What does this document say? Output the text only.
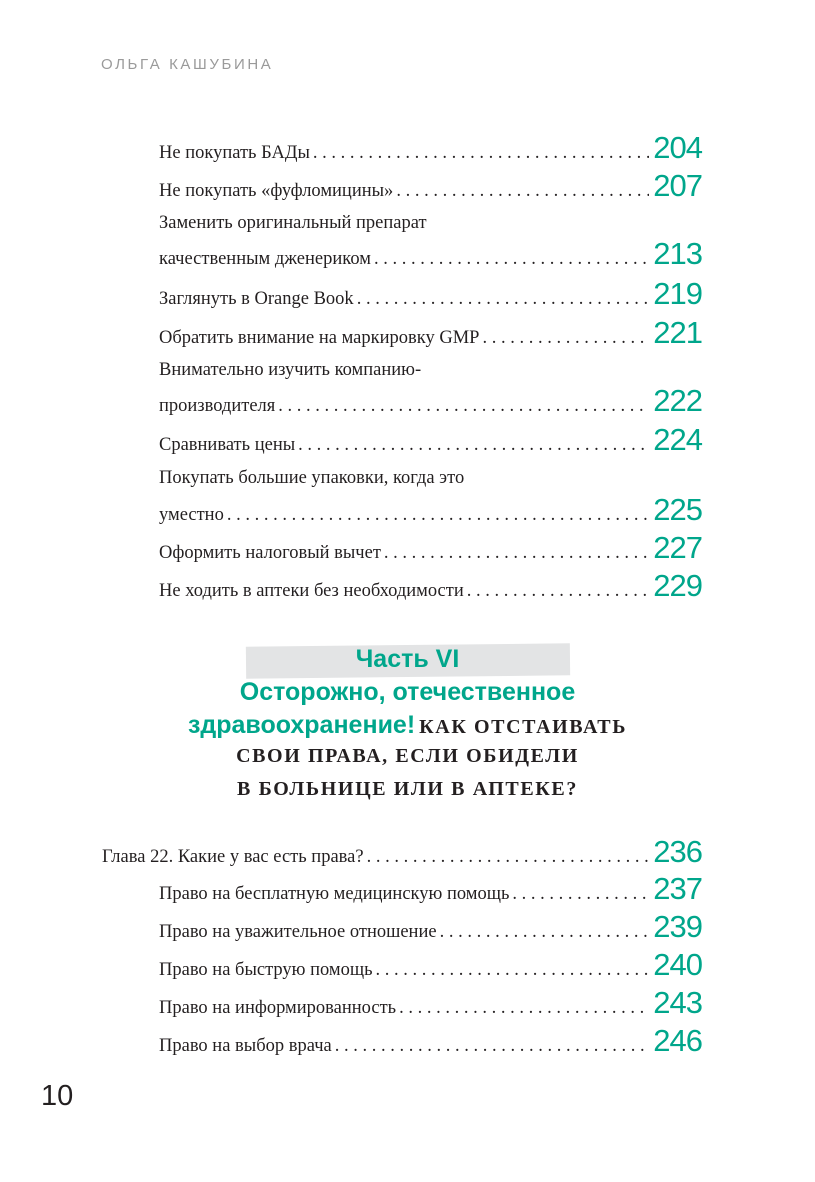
ОЛЬГА КАШУБИНА
Не покупать БАДы . . .	204
Не покупать «фуфломицины» . . .	207
Заменить оригинальный препарат
качественным дженериком . . .	213
Заглянуть в Orange Book . . .	219
Обратить внимание на маркировку GMP . . .	221
Внимательно изучить компанию-
производителя . . .	222
Сравнивать цены . . .	224
Покупать большие упаковки, когда это
уместно . . .	225
Оформить налоговый вычет . . .	227
Не ходить в аптеки без необходимости . . .	229
Часть VI
Осторожно, отечественное
здравоохранение! КАК ОТСТАИВАТЬ
СВОИ ПРАВА, ЕСЛИ ОБИДЕЛИ
В БОЛЬНИЦЕ ИЛИ В АПТЕКЕ?
Глава 22. Какие у вас есть права? . . .	236
Право на бесплатную медицинскую помощь . . .	237
Право на уважительное отношение . . .	239
Право на быструю помощь . . .	240
Право на информированность . . .	243
Право на выбор врача . . .	246
10
